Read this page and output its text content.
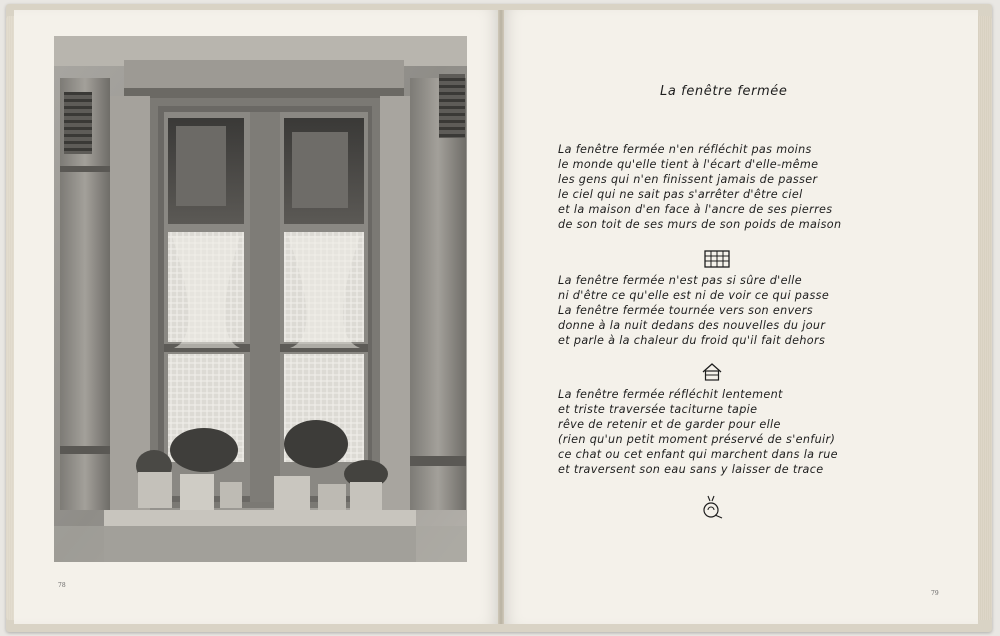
78
79
La fenêtre fermée
La fenêtre fermée n'en réfléchit pas moins
le monde qu'elle tient à l'écart d'elle-même
les gens qui n'en finissent jamais de passer
le ciel qui ne sait pas s'arrêter d'être ciel
et la maison d'en face à l'ancre de ses pierres
de son toit de ses murs de son poids de maison
La fenêtre fermée n'est pas si sûre d'elle
ni d'être ce qu'elle est ni de voir ce qui passe
La fenêtre fermée tournée vers son envers
donne à la nuit dedans des nouvelles du jour
et parle à la chaleur du froid qu'il fait dehors
La fenêtre fermée réfléchit lentement
et triste traversée taciturne tapie
rêve de retenir et de garder pour elle
(rien qu'un petit moment préservé de s'enfuir)
ce chat ou cet enfant qui marchent dans la rue
et traversent son eau sans y laisser de trace
